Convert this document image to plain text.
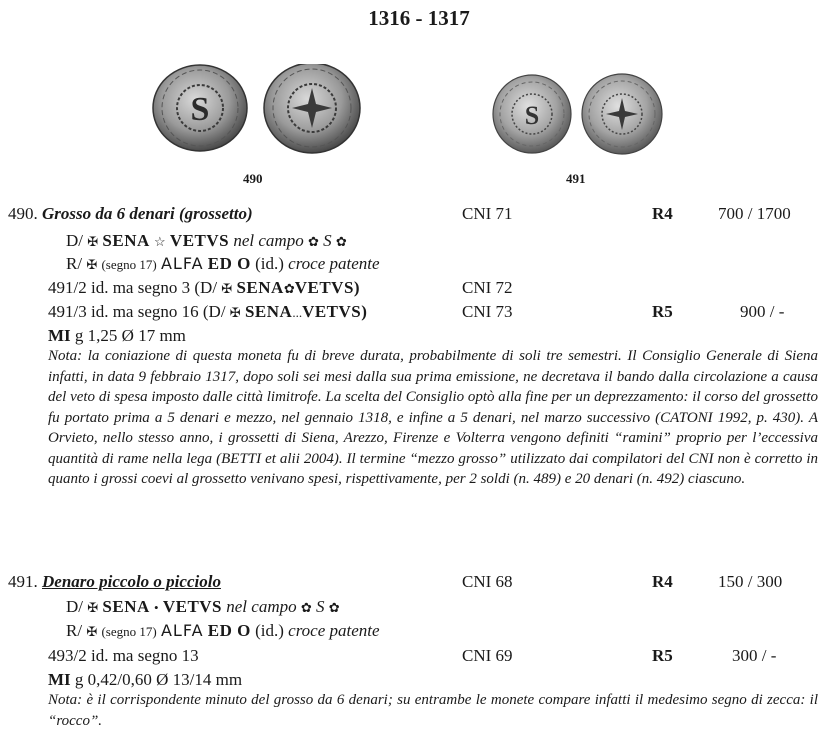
1316 - 1317
S
490
S
491
490. Grosso da 6 denari (grossetto)	CNI 71	R4	700 / 1700
D/ ✠ SENA ☆ VETVS nel campo ✿ S ✿
R/ ✠ (segno 17) ALFA ED O (id.) croce patente
491/2 id. ma segno 3 (D/ ✠ SENA✿VETVS)	CNI 72
491/3 id. ma segno 16 (D/ ✠ SENA...VETVS)	CNI 73	R5	900 / -
MI g 1,25 Ø 17 mm
Nota: la coniazione di questa moneta fu di breve durata, probabilmente di soli tre semestri. Il Consiglio Generale di Siena infatti, in data 9 febbraio 1317, dopo soli sei mesi dalla sua prima emissione, ne decretava il bando dalla circolazione a causa del veto di spesa imposto dalle città limitrofe. La scelta del Consiglio optò alla fine per un deprezzamento: il corso del grossetto fu portato prima a 5 denari e mezzo, nel gennaio 1318, e infine a 5 denari, nel marzo successivo (CATONI 1992, p. 430). A Orvieto, nello stesso anno, i grossetti di Siena, Arezzo, Firenze e Volterra vengono definiti “ramini” proprio per l’eccessiva quantità di rame nella lega (BETTI et alii 2004). Il termine “mezzo grosso” utilizzato dai compilatori del CNI non è corretto in quanto i grossi coevi al grossetto venivano spesi, rispettivamente, per 2 soldi (n. 489) e 20 denari (n. 492) ciascuno.
491. Denaro piccolo o picciolo	CNI 68	R4	150 / 300
D/ ✠ SENA • VETVS nel campo ✿ S ✿
R/ ✠ (segno 17) ALFA ED O (id.) croce patente
493/2 id. ma segno 13	CNI 69	R5	300 / -
MI g 0,42/0,60 Ø 13/14 mm
Nota: è il corrispondente minuto del grosso da 6 denari; su entrambe le monete compare infatti il medesimo segno di zecca: il “rocco”.
